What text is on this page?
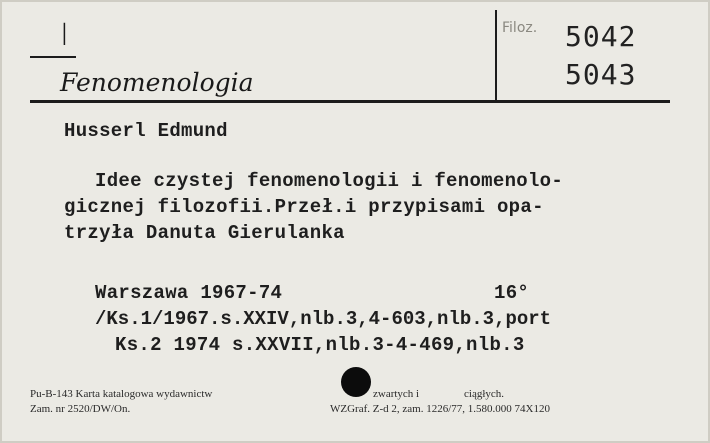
I
Fenomenologia
Filoz. 5042
5043
Husserl Edmund
Idee czystej fenomenologii i fenomenolo-
gicznej filozofii.Przeł.i przypisami opa-
trzyła Danuta Gierulanka
Warszawa 1967-74	16°
/Ks.1/1967.s.XXIV,nlb.3,4-603,nlb.3,port
Ks.2 1974 s.XXVII,nlb.3-4-469,nlb.3
Pu-B-143 Karta katalogowa wydawnictw	zwartych i	ciągłych.
Zam. nr 2520/DW/On.	WZGraf. Z-d 2, zam. 1226/77, 1.580.000 74X120
